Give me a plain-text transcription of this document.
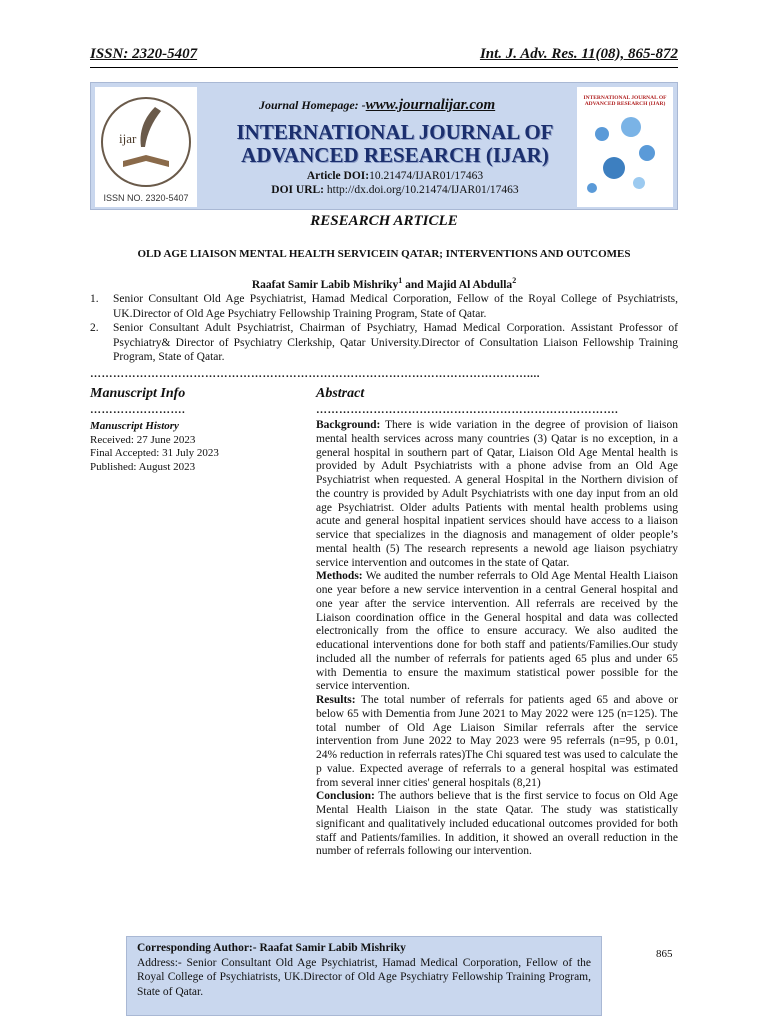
ISSN: 2320-5407	Int. J. Adv. Res. 11(08), 865-872
ijar
ISSN NO. 2320-5407
Journal Homepage: -www.journalijar.com
INTERNATIONAL JOURNAL OF
ADVANCED RESEARCH (IJAR)
Article DOI:10.21474/IJAR01/17463
DOI URL: http://dx.doi.org/10.21474/IJAR01/17463
INTERNATIONAL JOURNAL OF ADVANCED RESEARCH (IJAR)
RESEARCH ARTICLE
OLD AGE LIAISON MENTAL HEALTH SERVICEIN QATAR; INTERVENTIONS AND OUTCOMES
Raafat Samir Labib Mishriky$^1$ and Majid Al Abdulla$^2$
1. Senior Consultant Old Age Psychiatrist, Hamad Medical Corporation, Fellow of the Royal College of Psychiatrists, UK.Director of Old Age Psychiatry Fellowship Training Program, State of Qatar.
2. Senior Consultant Adult Psychiatrist, Chairman of Psychiatry, Hamad Medical Corporation. Assistant Professor of Psychiatry& Director of Psychiatry Clerkship, Qatar University.Director of Consultation Liaison Fellowship Training Program, State of Qatar.
……………………………………………………………………………………………………....
Manuscript Info
…………………….
Manuscript History
Received: 27 June 2023
Final Accepted: 31 July 2023
Published: August 2023
Abstract
…………………………………………………………………….

Background: There is wide variation in the degree of provision of liaison mental health services across many countries (3) Qatar is no exception, in a general hospital in southern part of Qatar, Liaison Old Age Mental health is provided by Adult Psychiatrists with a phone advise from an Old Age Psychiatrist when requested. A general Hospital in the Northern division of the country is provided by Adult Psychiatrists with one day input from an old age Psychiatrist. Older adults Patients with mental health problems using acute and general hospital inpatient services should have access to a liaison service that specializes in the diagnosis and management of older people’s mental health (5) The research represents a newold age liaison psychiatry service intervention and outcomes in the state of Qatar.

Methods: We audited the number referrals to Old Age Mental Health Liaison one year before a new service intervention in a central General hospital and one year after the service intervention. All referrals are received by the Liaison coordination office in the General hospital and data was collected electronically from the office to ensure accuracy. We also audited the educational interventions done for both staff and patients/Families.Our study included all the number of referrals for patients aged 65 plus and under 65 with Dementia to ensure the maximum statistical power possible for the service intervention.

Results: The total number of referrals for patients aged 65 and above or below 65 with Dementia from June 2021 to May 2022 were 125 (n=125). The total number of Old Age Liaison Similar referrals after the service intervention from June 2022 to May 2023 were 95 referrals (n=95, p 0.01, 24% reduction in referrals rates)The Chi squared test was used to calculate the p value. Expected average of referrals to a general hospital was estimated from several inner cities' general hospitals (8,21)

Conclusion: The authors believe that is the first service to focus on Old Age Mental Health Liaison in the state Qatar. The study was statistically significant and qualitatively included educational outcomes provided for both staff and Patients/families. In addition, it showed an overall reduction in the number of referrals following our intervention.

Corresponding Author:- Raafat Samir Labib Mishriky
Address:- Senior Consultant Old Age Psychiatrist, Hamad Medical Corporation, Fellow of the Royal College of Psychiatrists, UK.Director of Old Age Psychiatry Fellowship Training Program, State of Qatar.
865
